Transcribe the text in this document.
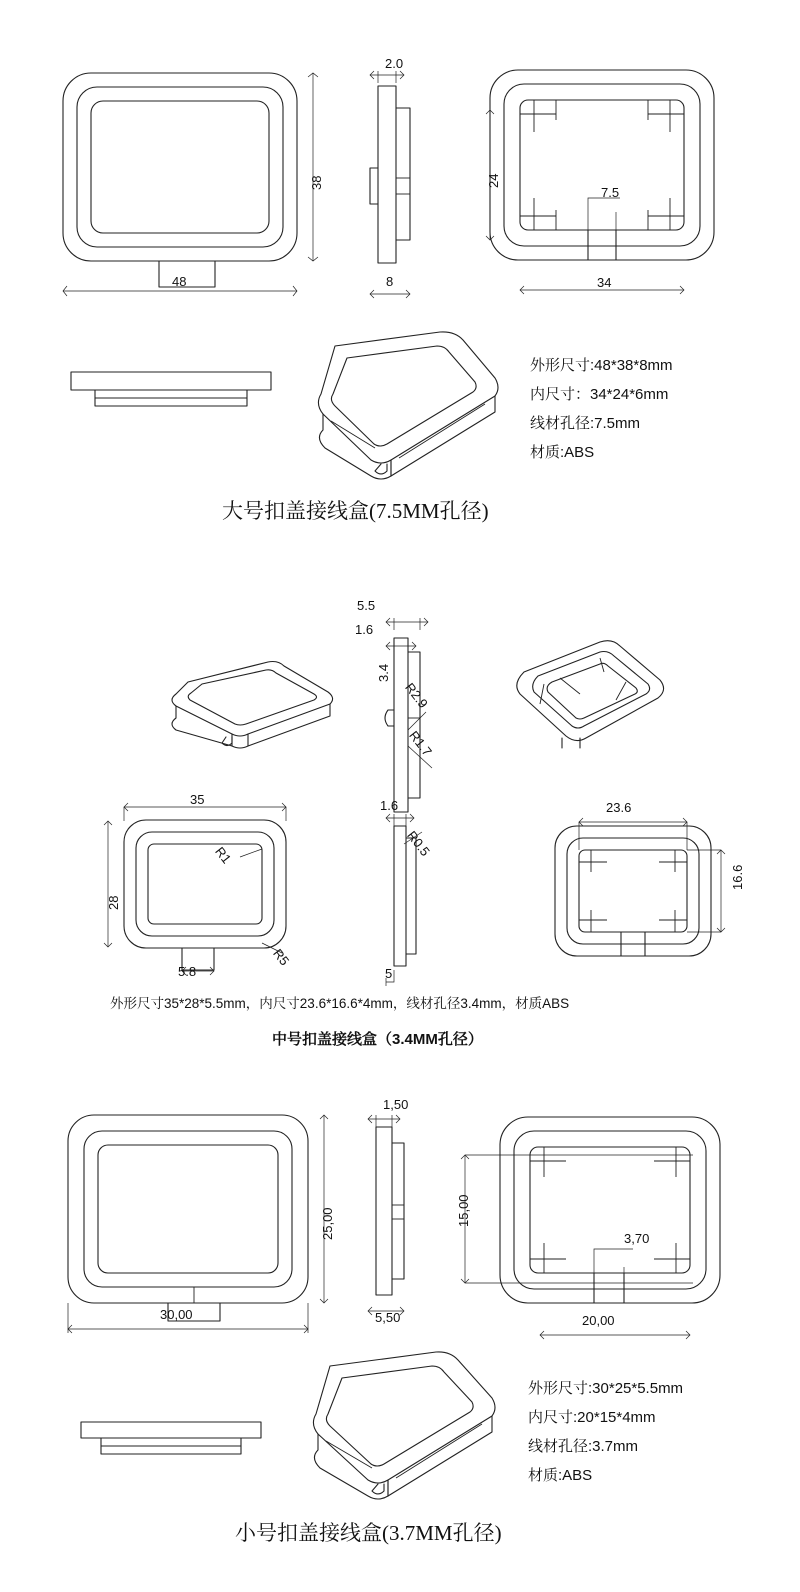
38
48
2.0
8
24
7.5
34
外形尺寸:48*38*8mm
内尺寸：34*24*6mm
线材孔径:7.5mm
材质:ABS
大号扣盖接线盒(7.5MM孔径)
5.5
1.6
3.4
R2.9
R1.7
35
28
R1
R5
5.8
1.6
R0.5
5
23.6
16.6
外形尺寸35*28*5.5mm，内尺寸23.6*16.6*4mm，线材孔径3.4mm，材质ABS
中号扣盖接线盒（3.4MM孔径）
25,00
30,00
1,50
5,50
15,00
3,70
20,00
外形尺寸:30*25*5.5mm
内尺寸:20*15*4mm
线材孔径:3.7mm
材质:ABS
小号扣盖接线盒(3.7MM孔径)
